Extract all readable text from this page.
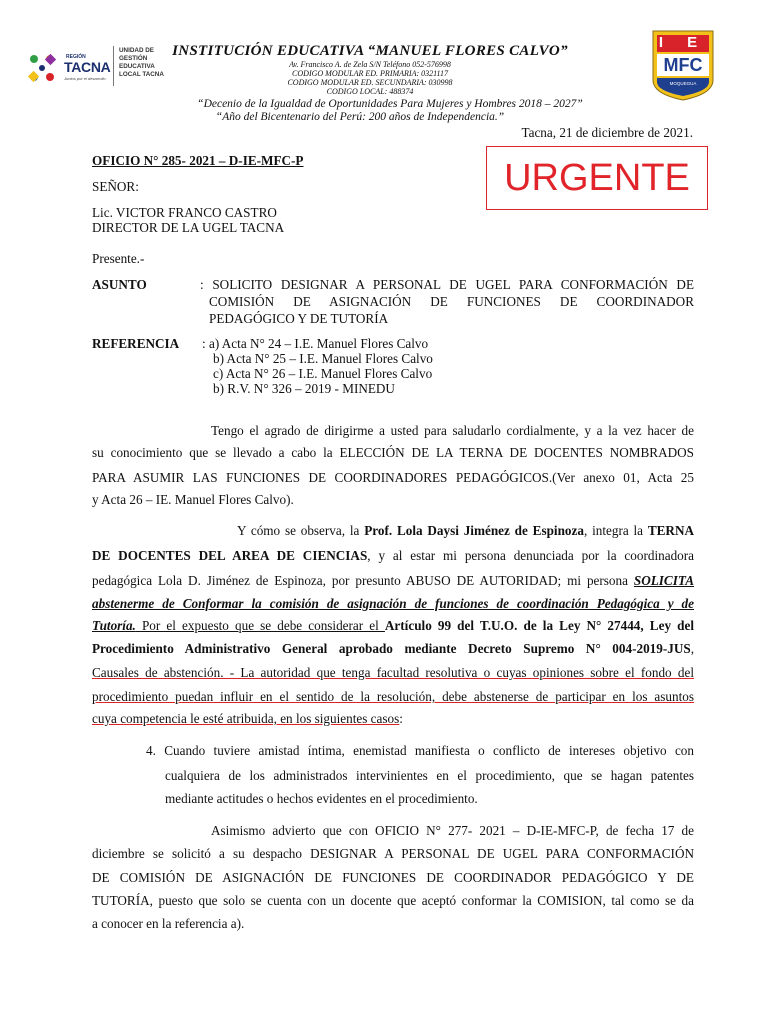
REGIÓN
TACNA
Juntos por el desarrollo
UNIDAD DE
GESTIÓN
EDUCATIVA
LOCAL TACNA
INSTITUCIÓN EDUCATIVA “MANUEL FLORES CALVO”
Av. Francisco A. de Zela S/N Teléfono 052-576998
CODIGO MODULAR ED. PRIMARIA: 0321117
CODIGO MODULAR ED. SECUNDARIA: 030998
CODIGO LOCAL: 488374
“Decenio de la Igualdad de Oportunidades Para Mujeres y Hombres 2018 – 2027”
“Año del Bicentenario del Perú: 200 años de Independencia.”
I E
MFC
MOQUEGUA
Tacna, 21 de diciembre de 2021.
OFICIO N° 285- 2021 – D-IE-MFC-P	URGENTE
SEÑOR:
Lic. VICTOR FRANCO CASTRO
DIRECTOR DE LA UGEL TACNA
Presente.-
ASUNTO	: SOLICITO DESIGNAR A PERSONAL DE UGEL PARA CONFORMACIÓN DE
COMISIÓN DE ASIGNACIÓN DE FUNCIONES DE COORDINADOR
PEDAGÓGICO Y DE TUTORÍA
REFERENCIA : a) Acta N° 24 – I.E. Manuel Flores Calvo
b) Acta N° 25 – I.E. Manuel Flores Calvo
c) Acta N° 26 – I.E. Manuel Flores Calvo
b) R.V. N° 326 – 2019 - MINEDU
Tengo el agrado de dirigirme a usted para saludarlo cordialmente, y a la vez hacer de
su conocimiento que se llevado a cabo la ELECCIÓN DE LA TERNA DE DOCENTES NOMBRADOS
PARA ASUMIR LAS FUNCIONES DE COORDINADORES PEDAGÓGICOS.(Ver anexo 01, Acta 25
y Acta 26 – IE. Manuel Flores Calvo).
Y cómo se observa, la Prof. Lola Daysi Jiménez de Espinoza, integra la TERNA
DE DOCENTES DEL AREA DE CIENCIAS, y al estar mi persona denunciada por la coordinadora
pedagógica Lola D. Jiménez de Espinoza, por presunto ABUSO DE AUTORIDAD; mi persona SOLICITA
abstenerme de Conformar la comisión de asignación de funciones de coordinación Pedagógica y de
Tutoría. Por el expuesto que se debe considerar el Artículo 99 del T.U.O. de la Ley N° 27444, Ley del
Procedimiento Administrativo General aprobado mediante Decreto Supremo N° 004-2019-JUS,
Causales de abstención. - La autoridad que tenga facultad resolutiva o cuyas opiniones sobre el fondo del
procedimiento puedan influir en el sentido de la resolución, debe abstenerse de participar en los asuntos
cuya competencia le esté atribuida, en los siguientes casos:
4. Cuando tuviere amistad íntima, enemistad manifiesta o conflicto de intereses objetivo con
cualquiera de los administrados intervinientes en el procedimiento, que se hagan patentes
mediante actitudes o hechos evidentes en el procedimiento.
Asimismo advierto que con OFICIO N° 277- 2021 – D-IE-MFC-P, de fecha 17 de
diciembre se solicitó a su despacho DESIGNAR A PERSONAL DE UGEL PARA CONFORMACIÓN
DE COMISIÓN DE ASIGNACIÓN DE FUNCIONES DE COORDINADOR PEDAGÓGICO Y DE
TUTORÍA, puesto que solo se cuenta con un docente que aceptó conformar la COMISION, tal como se da
a conocer en la referencia a).
